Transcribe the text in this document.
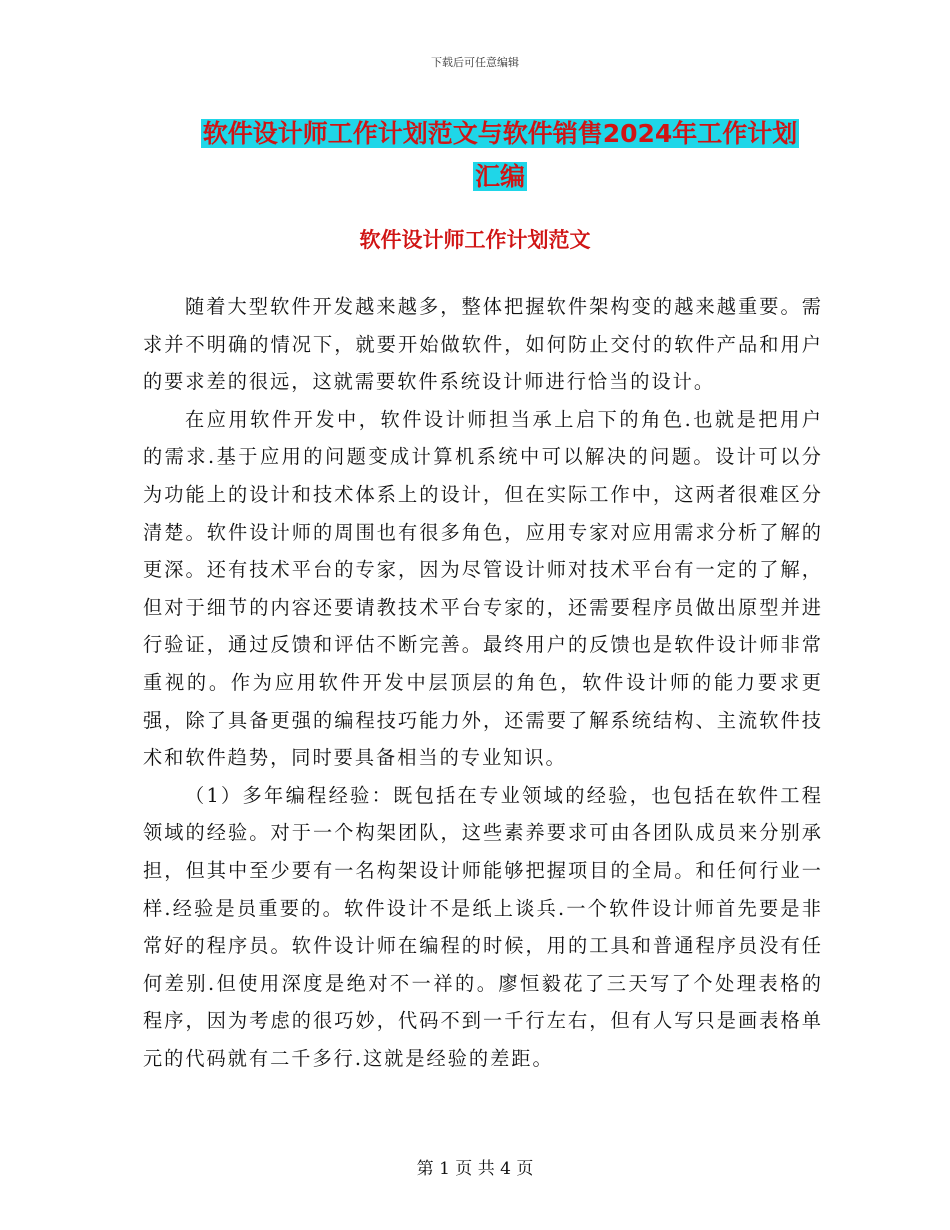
下载后可任意编辑
软件设计师工作计划范文与软件销售2024年工作计划
汇编
软件设计师工作计划范文

随着大型软件开发越来越多，整体把握软件架构变的越来越重要。需求并不明确的情况下，就要开始做软件，如何防止交付的软件产品和用户的要求差的很远，这就需要软件系统设计师进行恰当的设计。

在应用软件开发中，软件设计师担当承上启下的角色.也就是把用户的需求.基于应用的问题变成计算机系统中可以解决的问题。设计可以分为功能上的设计和技术体系上的设计，但在实际工作中，这两者很难区分清楚。软件设计师的周围也有很多角色，应用专家对应用需求分析了解的更深。还有技术平台的专家，因为尽管设计师对技术平台有一定的了解，但对于细节的内容还要请教技术平台专家的，还需要程序员做出原型并进行验证，通过反馈和评估不断完善。最终用户的反馈也是软件设计师非常重视的。作为应用软件开发中层顶层的角色，软件设计师的能力要求更强，除了具备更强的编程技巧能力外，还需要了解系统结构、主流软件技术和软件趋势，同时要具备相当的专业知识。

（1）多年编程经验：既包括在专业领域的经验，也包括在软件工程领域的经验。对于一个构架团队，这些素养要求可由各团队成员来分别承担，但其中至少要有一名构架设计师能够把握项目的全局。和任何行业一样.经验是员重要的。软件设计不是纸上谈兵.一个软件设计师首先要是非常好的程序员。软件设计师在编程的时候，用的工具和普通程序员没有任何差别.但使用深度是绝对不一祥的。廖恒毅花了三天写了个处理表格的程序，因为考虑的很巧妙，代码不到一千行左右，但有人写只是画表格单元的代码就有二千多行.这就是经验的差距。

第 1 页 共 4 页
